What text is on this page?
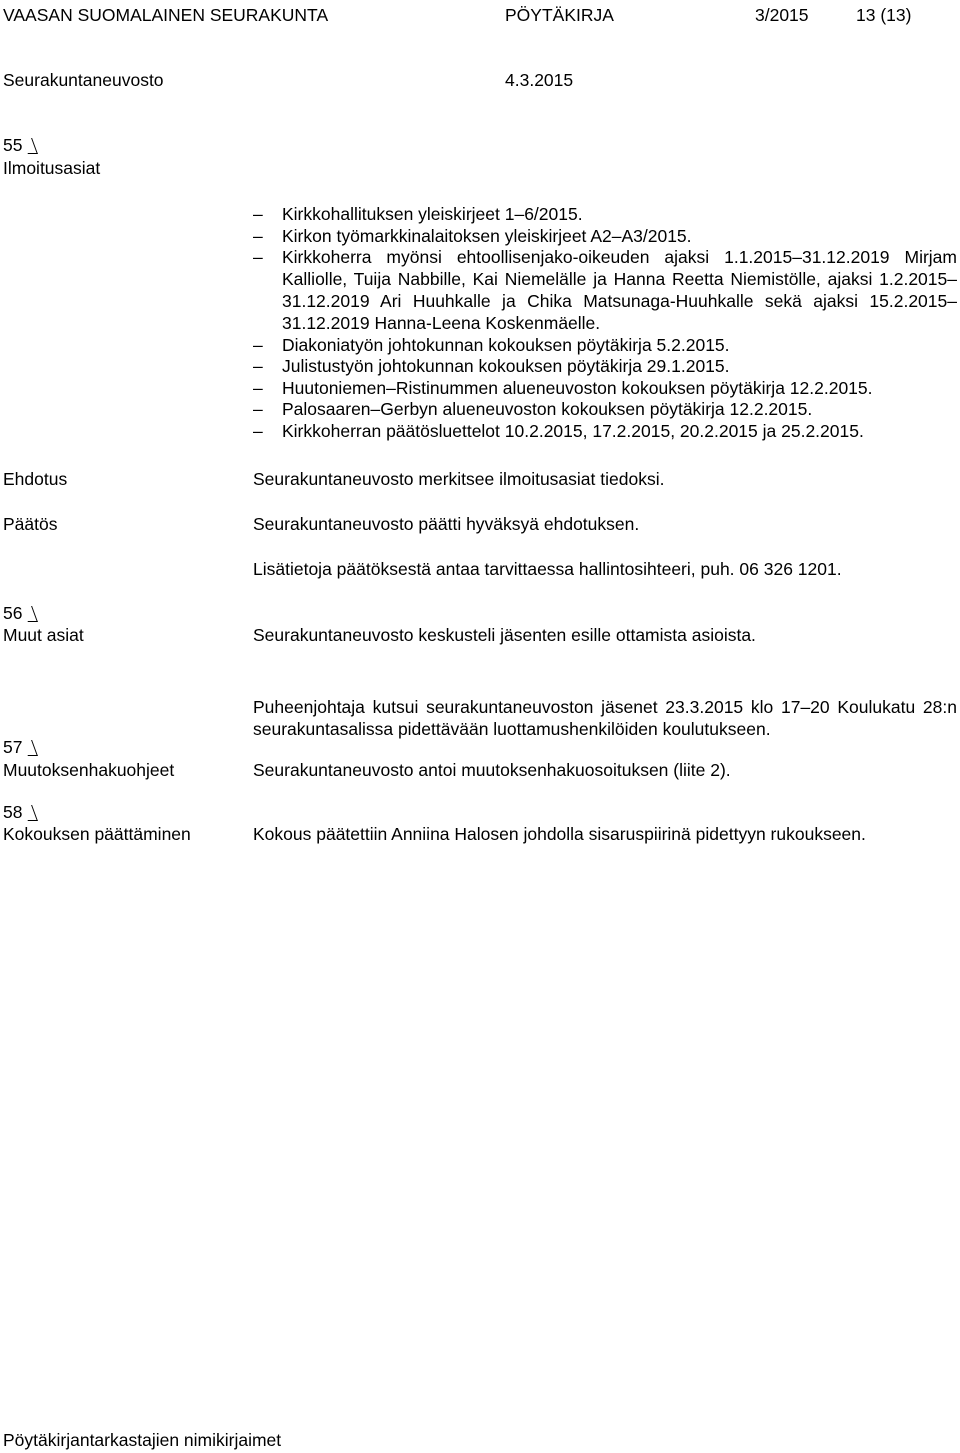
VAASAN SUOMALAINEN SEURAKUNTA	PÖYTÄKIRJA	3/2015	13 (13)
Seurakuntaneuvosto	4.3.2015
55
Ilmoitusasiat
– Kirkkohallituksen yleiskirjeet 1–6/2015.
– Kirkon työmarkkinalaitoksen yleiskirjeet A2–A3/2015.
– Kirkkoherra myönsi ehtoollisenjako-oikeuden ajaksi 1.1.2015–31.12.2019 Mirjam Kalliolle, Tuija Nabbille, Kai Niemelälle ja Hanna Reetta Niemistölle, ajaksi 1.2.2015–31.12.2019 Ari Huuhkalle ja Chika Matsunaga-Huuhkalle sekä ajaksi 15.2.2015–31.12.2019 Hanna-Leena Koskenmäelle.
– Diakoniatyön johtokunnan kokouksen pöytäkirja 5.2.2015.
– Julistustyön johtokunnan kokouksen pöytäkirja 29.1.2015.
– Huutoniemen–Ristinummen alueneuvoston kokouksen pöytäkirja 12.2.2015.
– Palosaaren–Gerbyn alueneuvoston kokouksen pöytäkirja 12.2.2015.
– Kirkkoherran päätösluettelot 10.2.2015, 17.2.2015, 20.2.2015 ja 25.2.2015.
Ehdotus	Seurakuntaneuvosto merkitsee ilmoitusasiat tiedoksi.
Päätös	Seurakuntaneuvosto päätti hyväksyä ehdotuksen.
Lisätietoja päätöksestä antaa tarvittaessa hallintosihteeri, puh. 06 326 1201.
56
Muut asiat	Seurakuntaneuvosto keskusteli jäsenten esille ottamista asioista.
Puheenjohtaja kutsui seurakuntaneuvoston jäsenet 23.3.2015 klo 17–20 Koulukatu 28:n seurakuntasalissa pidettävään luottamushenkilöiden koulutukseen.
57
Muutoksenhakuohjeet	Seurakuntaneuvosto antoi muutoksenhakuosoituksen (liite 2).
58
Kokouksen päättäminen	Kokous päätettiin Anniina Halosen johdolla sisaruspiirinä pidettyyn rukoukseen.
Pöytäkirjantarkastajien nimikirjaimet
